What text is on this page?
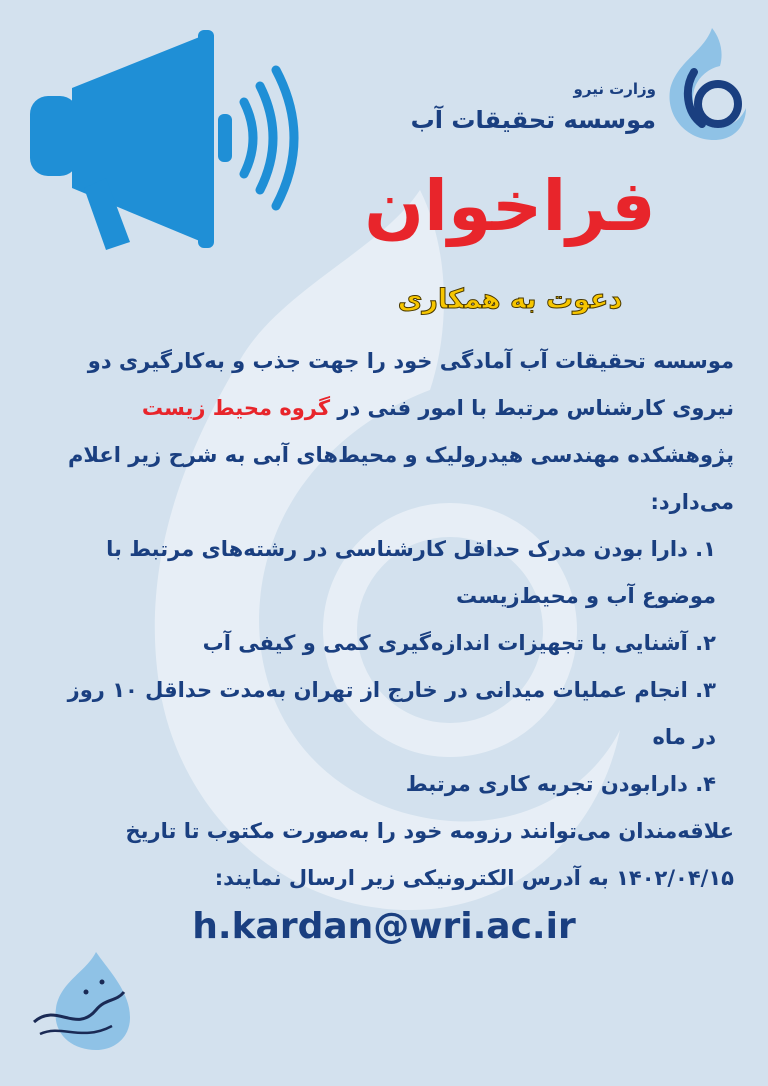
وزارت نیرو
موسسه تحقیقات آب
فراخوان
دعوت به همکاری

موسسه تحقیقات آب آمادگی خود را جهت جذب و به‌کارگیری دو نیروی کارشناس مرتبط با امور فنی در گروه محیط زیست پژوهشکده مهندسی هیدرولیک و محیط‌های آبی به شرح زیر اعلام می‌دارد:

۱. دارا بودن مدرک حداقل کارشناسی در رشته‌های مرتبط با موضوع آب و محیط‌زیست

۲. آشنایی با تجهیزات اندازه‌گیری کمی و کیفی آب

۳. انجام عملیات میدانی در خارج از تهران به‌مدت حداقل ۱۰ روز در ماه

۴. دارابودن تجربه کاری مرتبط

علاقه‌مندان می‌توانند رزومه خود را به‌صورت مکتوب تا تاریخ ۱۴۰۲/۰۴/۱۵ به آدرس الکترونیکی زیر ارسال نمایند:

h.kardan@wri.ac.ir
